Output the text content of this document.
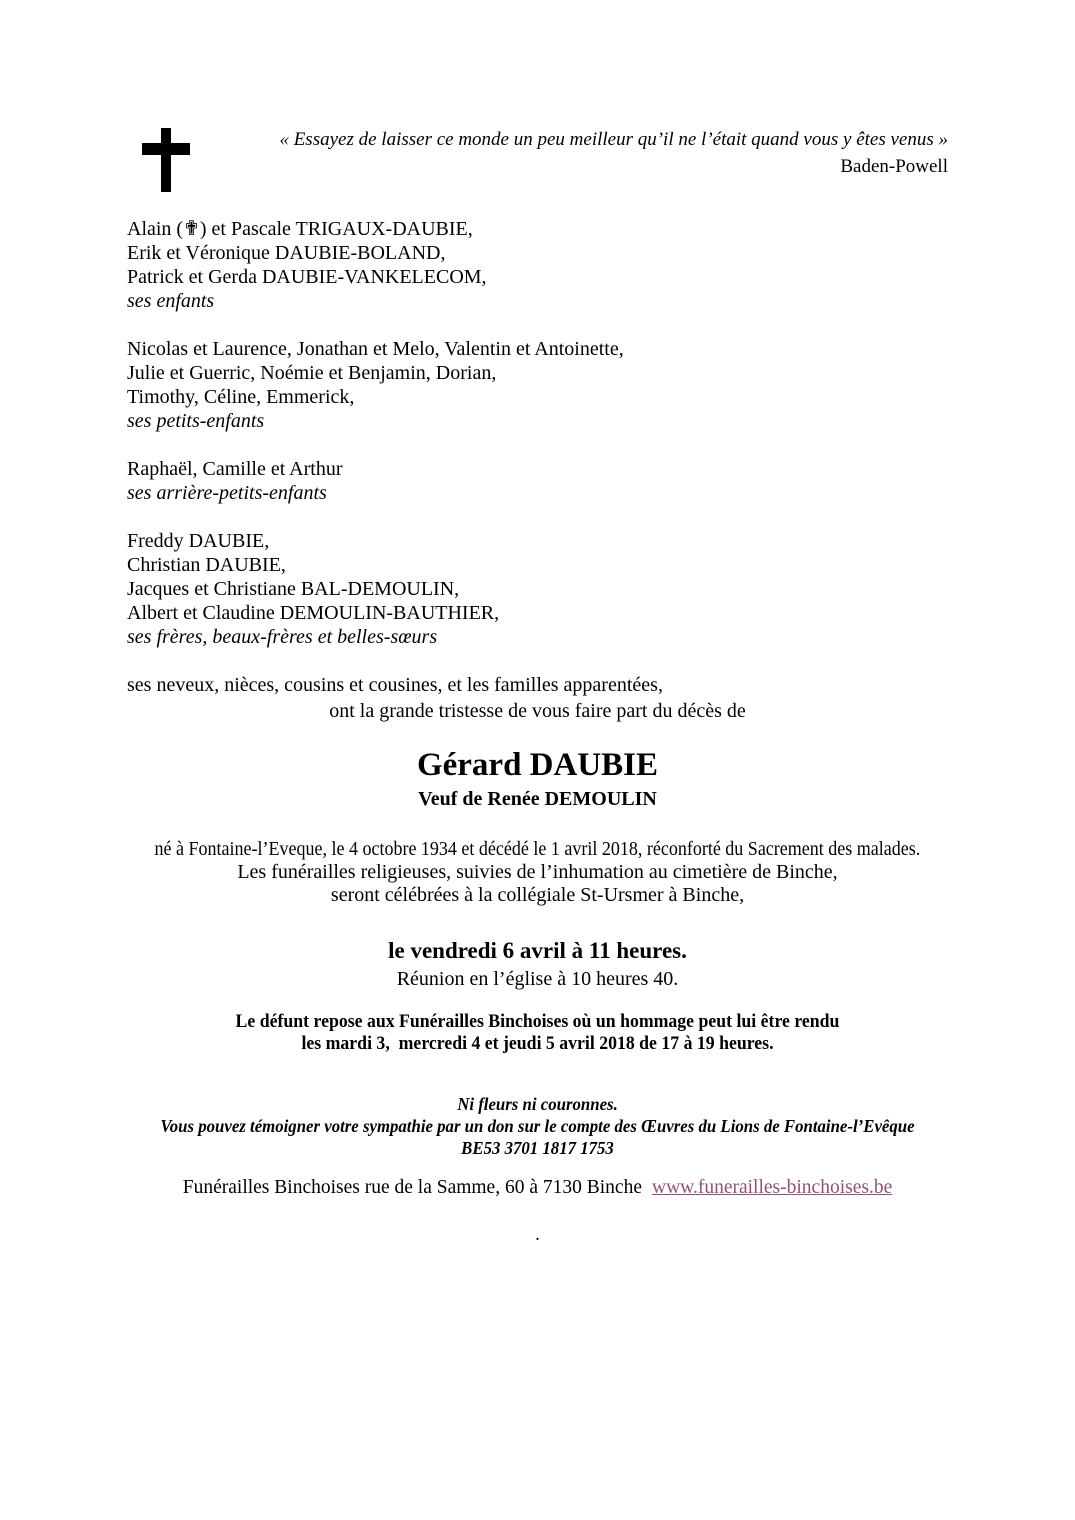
« Essayez de laisser ce monde un peu meilleur qu’il ne l’était quand vous y êtes venus »
Baden-Powell
Alain (✟) et Pascale TRIGAUX-DAUBIE,
Erik et Véronique DAUBIE-BOLAND,
Patrick et Gerda DAUBIE-VANKELECOM,
ses enfants
Nicolas et Laurence, Jonathan et Melo, Valentin et Antoinette,
Julie et Guerric, Noémie et Benjamin, Dorian,
Timothy, Céline, Emmerick,
ses petits-enfants
Raphaël, Camille et Arthur
ses arrière-petits-enfants
Freddy DAUBIE,
Christian DAUBIE,
Jacques et Christiane BAL-DEMOULIN,
Albert et Claudine DEMOULIN-BAUTHIER,
ses frères, beaux-frères et belles-sœurs
ses neveux, nièces, cousins et cousines, et les familles apparentées,
ont la grande tristesse de vous faire part du décès de
Gérard DAUBIE
Veuf de Renée DEMOULIN
né à Fontaine-l’Eveque, le 4 octobre 1934 et décédé le 1 avril 2018, réconforté du Sacrement des malades.
Les funérailles religieuses, suivies de l’inhumation au cimetière de Binche,
seront célébrées à la collégiale St-Ursmer à Binche,
le vendredi 6 avril à 11 heures.
Réunion en l’église à 10 heures 40.
Le défunt repose aux Funérailles Binchoises où un hommage peut lui être rendu
les mardi 3,  mercredi 4 et jeudi 5 avril 2018 de 17 à 19 heures.
Ni fleurs ni couronnes.
Vous pouvez témoigner votre sympathie par un don sur le compte des Œuvres du Lions de Fontaine-l’Evêque
BE53 3701 1817 1753
Funérailles Binchoises rue de la Samme, 60 à 7130 Binche www.funerailles-binchoises.be
.
